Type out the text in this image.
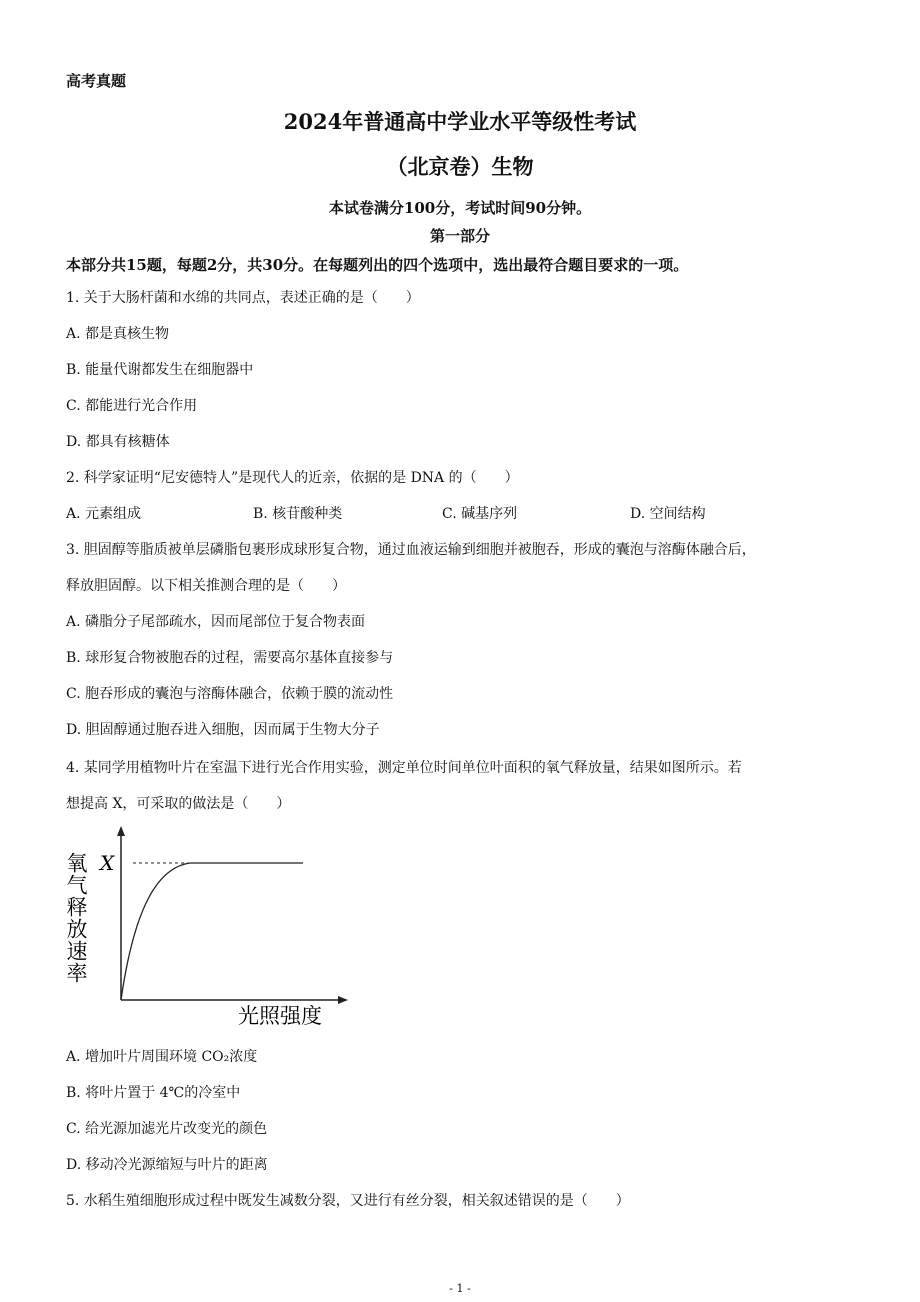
高考真题
2024年普通高中学业水平等级性考试
（北京卷）生物
本试卷满分100分，考试时间90分钟。
第一部分
本部分共15题，每题2分，共30分。在每题列出的四个选项中，选出最符合题目要求的一项。
1. 关于大肠杆菌和水绵的共同点，表述正确的是（　　）
A. 都是真核生物
B. 能量代谢都发生在细胞器中
C. 都能进行光合作用
D. 都具有核糖体
2. 科学家证明“尼安德特人”是现代人的近亲，依据的是 DNA 的（　　）
A. 元素组成	B. 核苷酸种类	C. 碱基序列	D. 空间结构
3. 胆固醇等脂质被单层磷脂包裹形成球形复合物，通过血液运输到细胞并被胞吞，形成的囊泡与溶酶体融合后，
释放胆固醇。以下相关推测合理的是（　　）
A. 磷脂分子尾部疏水，因而尾部位于复合物表面
B. 球形复合物被胞吞的过程，需要高尔基体直接参与
C. 胞吞形成的囊泡与溶酶体融合，依赖于膜的流动性
D. 胆固醇通过胞吞进入细胞，因而属于生物大分子
4. 某同学用植物叶片在室温下进行光合作用实验，测定单位时间单位叶面积的氧气释放量，结果如图所示。若
想提高 X，可采取的做法是（　　）
X
氧气释放速率
光照强度
A. 增加叶片周围环境 CO₂浓度
B. 将叶片置于 4℃的冷室中
C. 给光源加滤光片改变光的颜色
D. 移动冷光源缩短与叶片的距离
5. 水稻生殖细胞形成过程中既发生减数分裂，又进行有丝分裂，相关叙述错误的是（　　）
- 1 -
